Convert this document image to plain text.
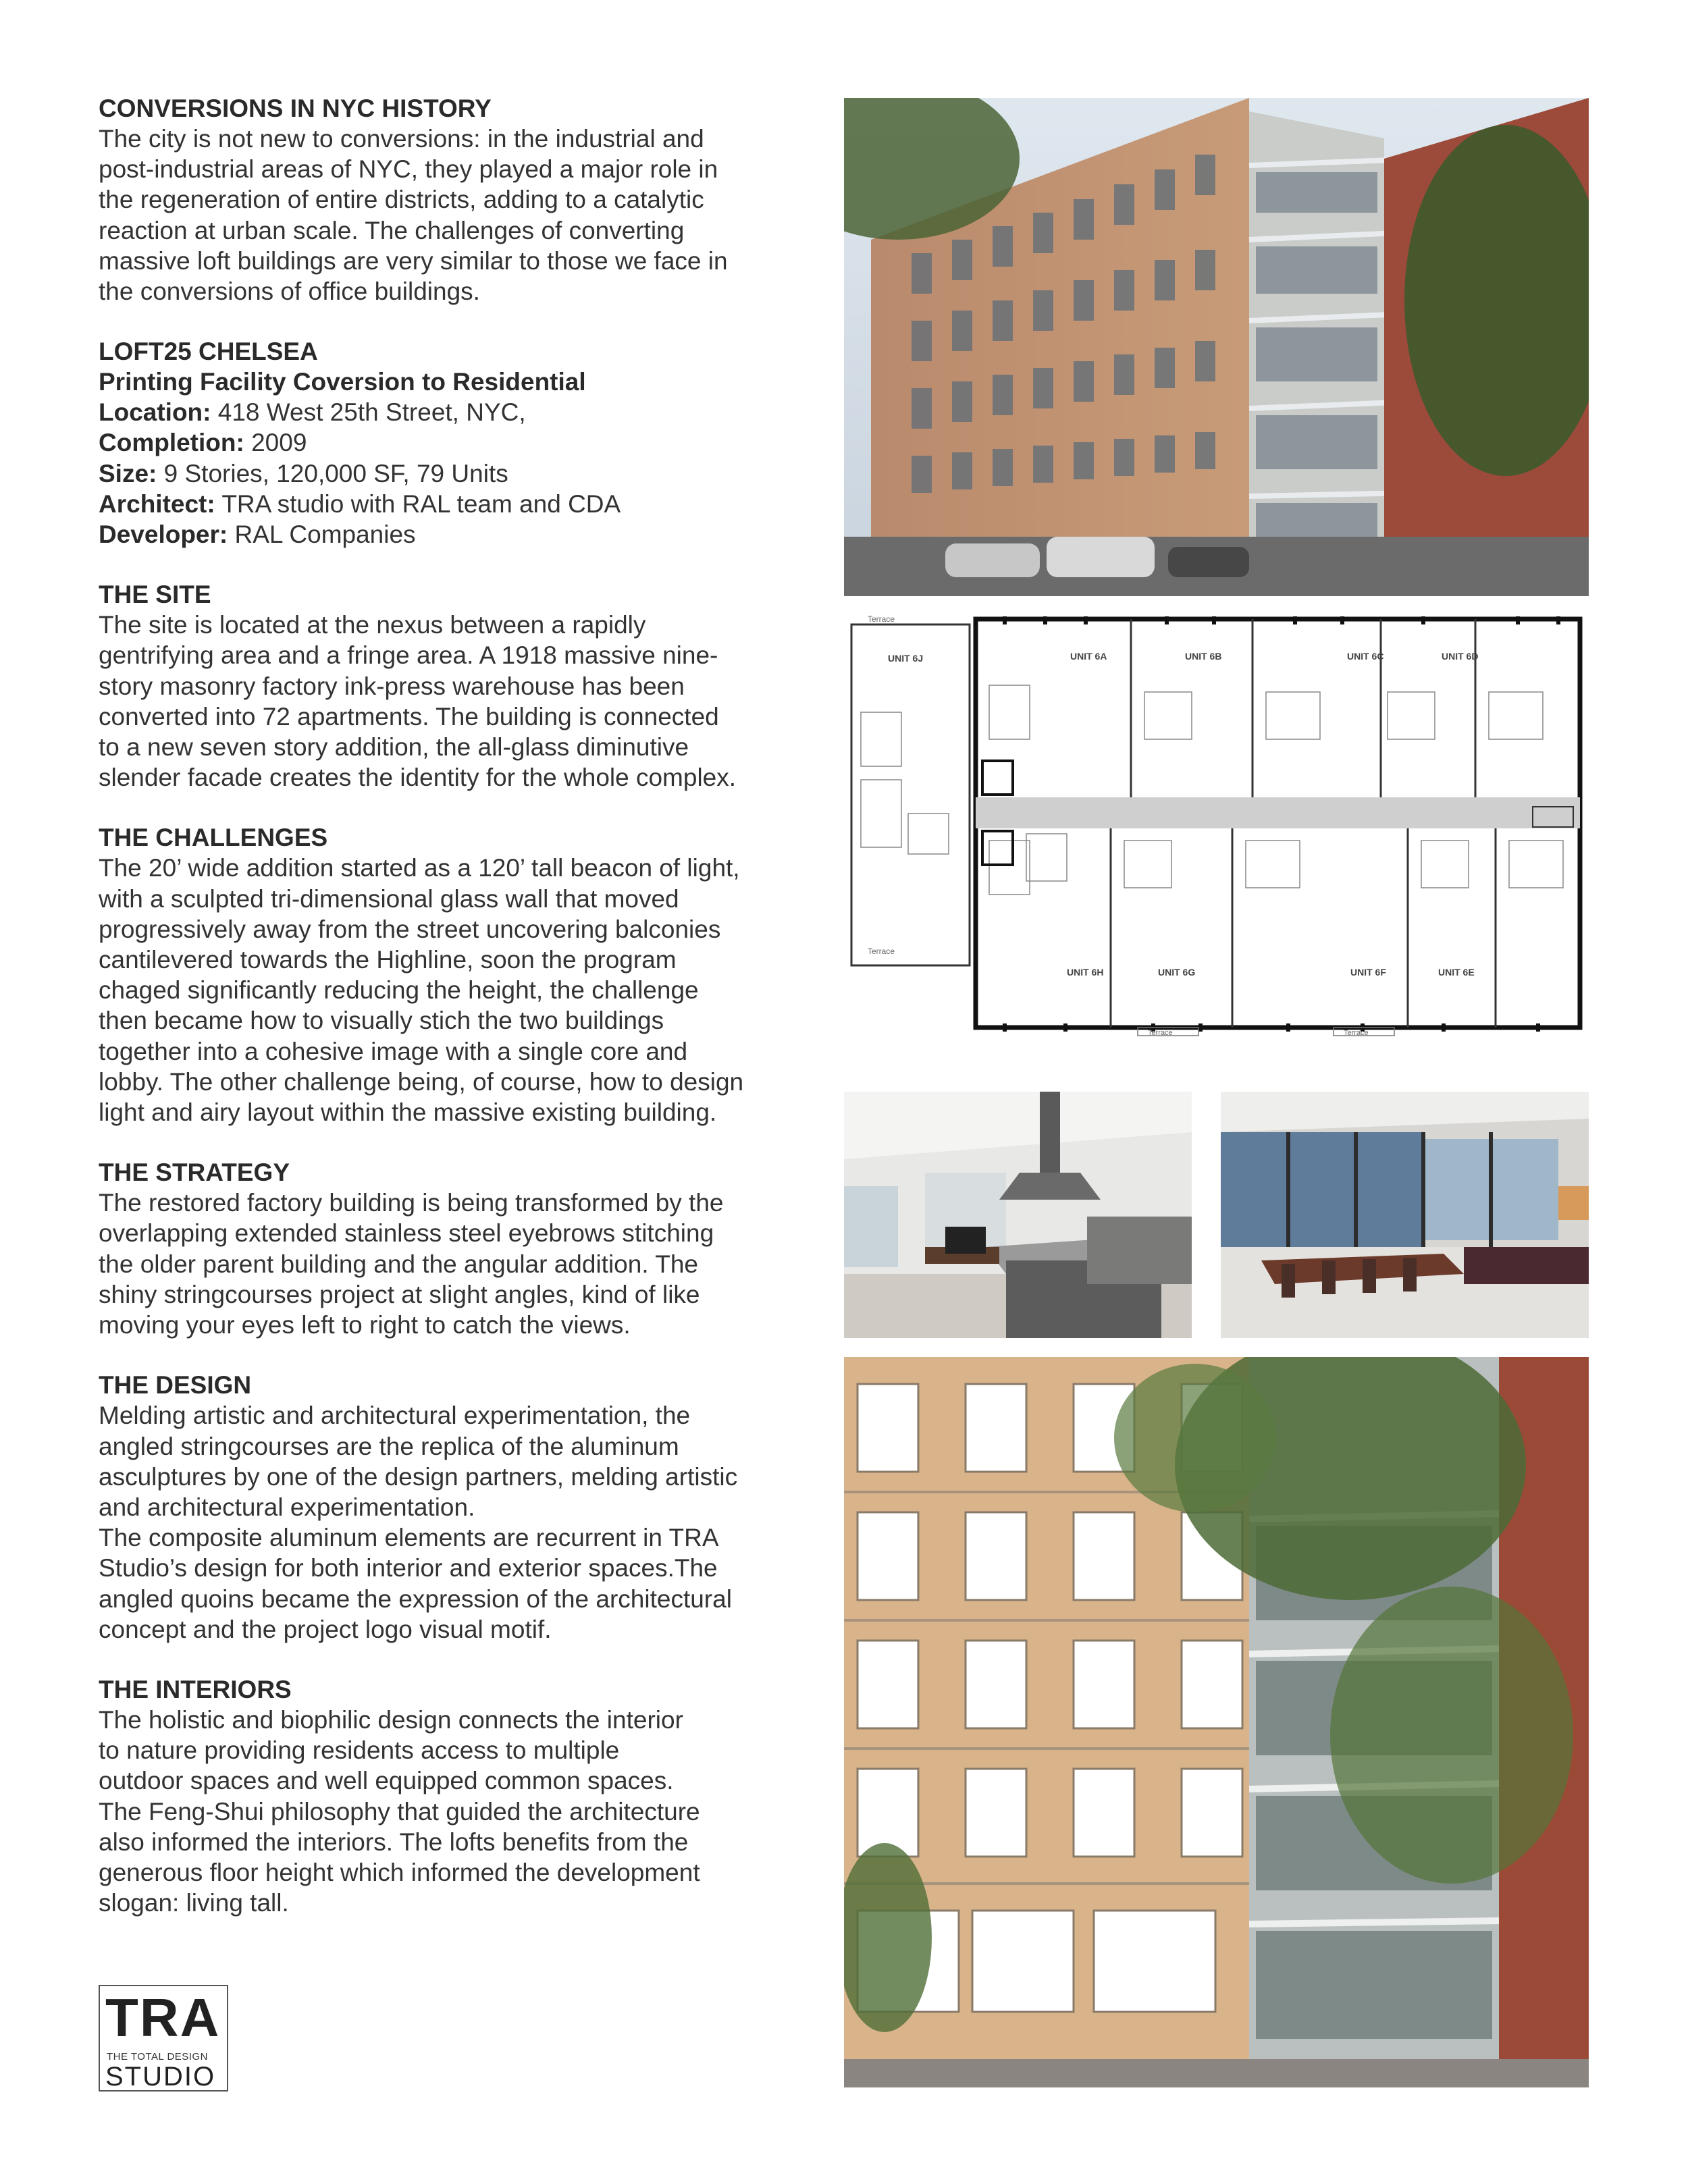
CONVERSIONS IN NYC HISTORY

The city is not new to conversions: in the industrial and
post-industrial areas of NYC, they played a major role in
the regeneration of entire districts, adding to a catalytic
reaction at urban scale. The challenges of converting
massive loft buildings are very similar to those we face in
the conversions of office buildings.

LOFT25 CHELSEA

Printing Facility Coversion to Residential

Location: 418 West 25th Street, NYC,

Completion: 2009

Size: 9 Stories, 120,000 SF, 79 Units

Architect: TRA studio with RAL team and CDA

Developer: RAL Companies

THE SITE

The site is located at the nexus between a rapidly
gentrifying area and a fringe area. A 1918 massive nine-
story masonry factory ink-press warehouse has been
converted into 72 apartments. The building is connected
to a new seven story addition, the all-glass diminutive
slender facade creates the identity for the whole complex.

THE CHALLENGES

The 20’ wide addition started as a 120’ tall beacon of light,
with a sculpted tri-dimensional glass wall that moved
progressively away from the street uncovering balconies
cantilevered towards the Highline, soon the program
chaged significantly reducing the height, the challenge
then became how to visually stich the two buildings
together into a cohesive image with a single core and
lobby. The other challenge being, of course, how to design
light and airy layout within the massive existing building.

THE STRATEGY

The restored factory building is being transformed by the
overlapping extended stainless steel eyebrows stitching
the older parent building and the angular addition. The
shiny stringcourses project at slight angles, kind of like
moving your eyes left to right to catch the views.

THE DESIGN

Melding artistic and architectural experimentation, the
angled stringcourses are the replica of the aluminum
asculptures by one of the design partners, melding artistic
and architectural experimentation.
The composite aluminum elements are recurrent in TRA
Studio’s design for both interior and exterior spaces.The
angled quoins became the expression of the architectural
concept and the project logo visual motif.

THE INTERIORS

The holistic and biophilic design connects the interior
to nature providing residents access to multiple
outdoor spaces and well equipped common spaces.
The Feng-Shui philosophy that guided the architecture
also informed the interiors. The lofts benefits from the
generous floor height which informed the development
slogan: living tall.

TRA
THE TOTAL DESIGN
STUDIO
UNIT 6J
Terrace
Terrace
UNIT 6A	UNIT 6B	UNIT 6C	UNIT 6D
UNIT 6H	UNIT 6G	UNIT 6F	UNIT 6E
Terrace	Terrace
